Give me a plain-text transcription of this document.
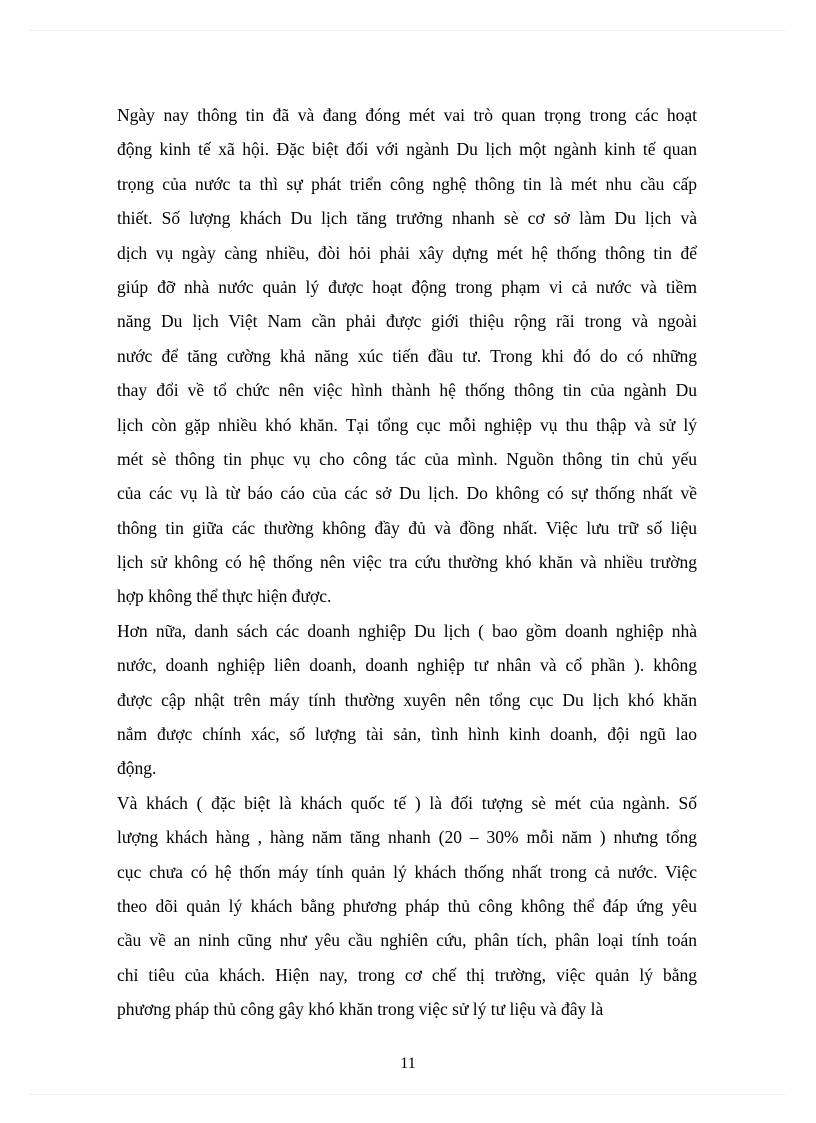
Ngày nay thông tin đã và đang đóng mét vai trò quan trọng trong các hoạt
động kinh tế xã hội. Đặc biệt đối với ngành Du lịch một ngành kinh tế quan
trọng của nước ta thì sự phát triển công nghệ thông tin là mét nhu cầu cấp
thiết. Số lượng khách Du lịch tăng trưởng nhanh sè cơ sở làm Du lịch và
dịch vụ ngày càng nhiều, đòi hỏi phải xây dựng mét hệ thống thông tin để
giúp đỡ nhà nước quản lý được hoạt động trong phạm vi cả nước và tiềm
năng Du lịch Việt Nam cần phải được giới thiệu rộng rãi trong và ngoài
nước để tăng cường khả năng xúc tiến đầu tư. Trong khi đó do có những
thay đổi về tổ chức nên việc hình thành hệ thống thông tin của ngành Du
lịch còn gặp nhiều khó khăn. Tại tổng cục mỗi nghiệp vụ thu thập và sử lý
mét sè thông tin phục vụ cho công tác của mình. Nguồn thông tin chủ yếu
của các vụ là từ báo cáo của các sở Du lịch. Do không có sự thống nhất về
thông tin giữa các thường không đầy đủ và đồng nhất. Việc lưu trữ số liệu
lịch sử không có hệ thống nên việc tra cứu thường khó khăn và nhiều trường
hợp không thể thực hiện được.
Hơn nữa, danh sách các doanh nghiệp Du lịch ( bao gồm doanh nghiệp nhà
nước, doanh nghiệp liên doanh, doanh nghiệp tư nhân và cổ phần ). không
được cập nhật trên máy tính thường xuyên nên tổng cục Du lịch khó khăn
nắm được chính xác, số lượng tài sản, tình hình kinh doanh, đội ngũ lao
động.
Và khách ( đặc biệt là khách quốc tế ) là đối tượng sè mét của ngành. Số
lượng khách hàng , hàng năm tăng nhanh (20 – 30% mỗi năm ) nhưng tổng
cục chưa có hệ thốn máy tính quản lý khách thống nhất trong cả nước. Việc
theo dõi quản lý khách bằng phương pháp thủ công không thể đáp ứng yêu
cầu về an ninh cũng như yêu cầu nghiên cứu, phân tích, phân loại tính toán
chỉ tiêu của khách. Hiện nay, trong cơ chế thị trường, việc quản lý bằng
phương pháp thủ công gây khó khăn trong việc sử lý tư liệu và đây là
11
